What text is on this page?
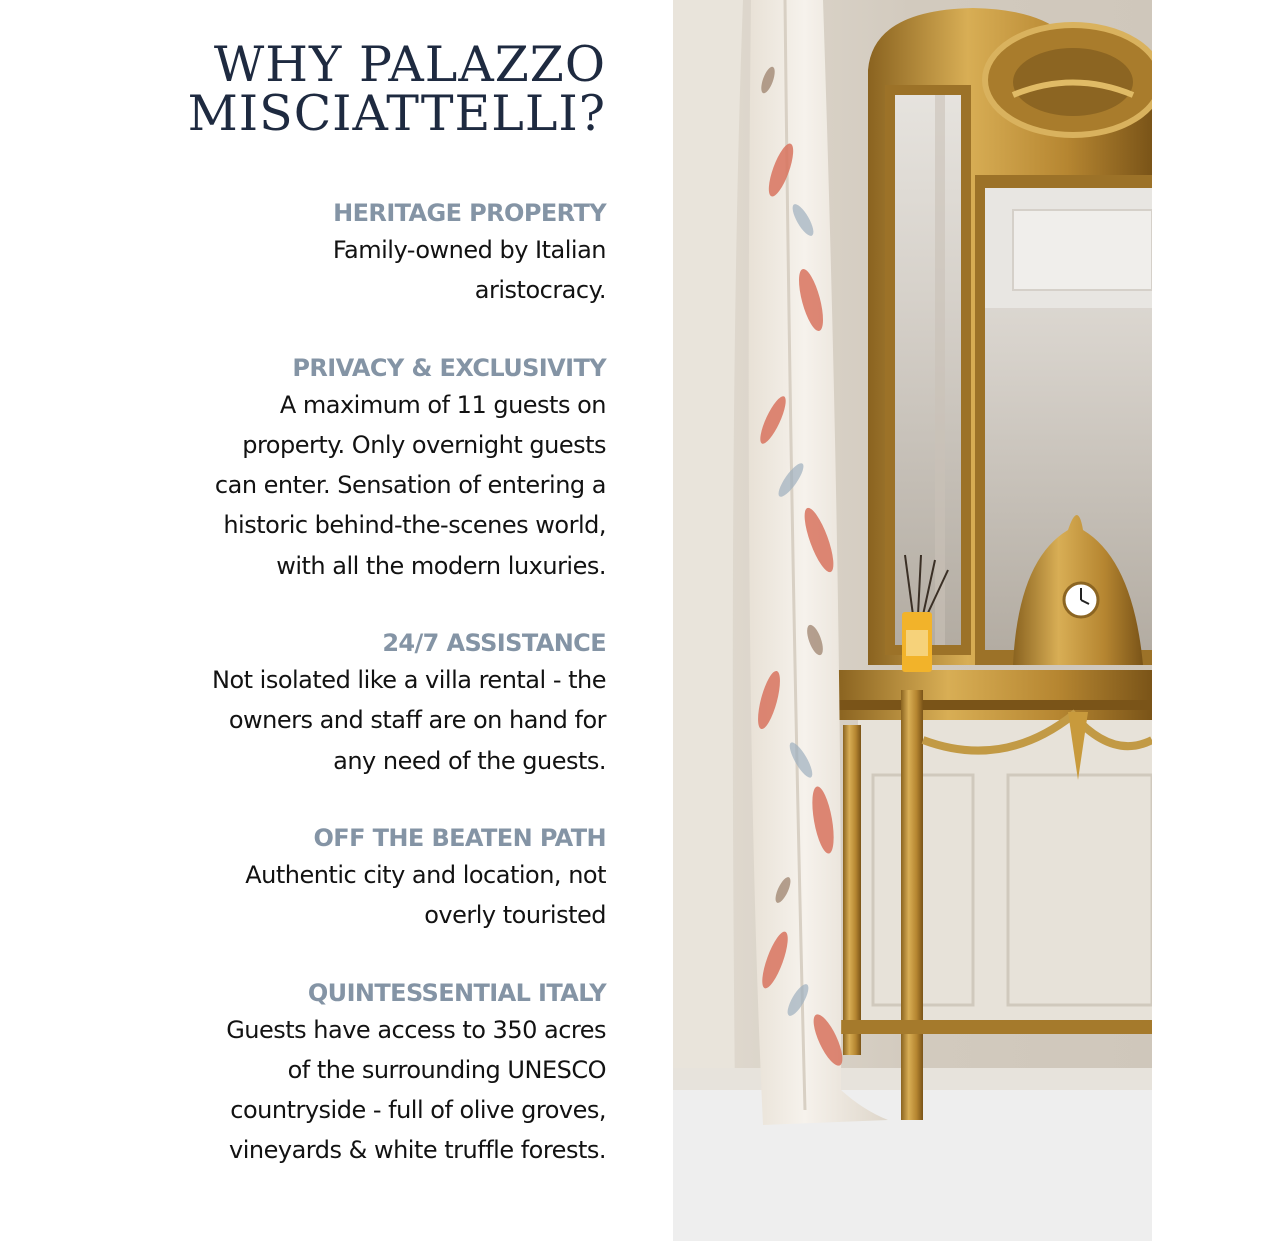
WHY PALAZZO
MISCIATTELLI?
HERITAGE PROPERTY

Family-owned by Italian
aristocracy.

PRIVACY & EXCLUSIVITY

A maximum of 11 guests on
property. Only overnight guests
can enter. Sensation of entering a
historic behind-the-scenes world,
with all the modern luxuries.

24/7 ASSISTANCE

Not isolated like a villa rental - the
owners and staff are on hand for
any need of the guests.

OFF THE BEATEN PATH

Authentic city and location, not
overly touristed

QUINTESSENTIAL ITALY

Guests have access to 350 acres
of the surrounding UNESCO
countryside - full of olive groves,
vineyards & white truffle forests.
